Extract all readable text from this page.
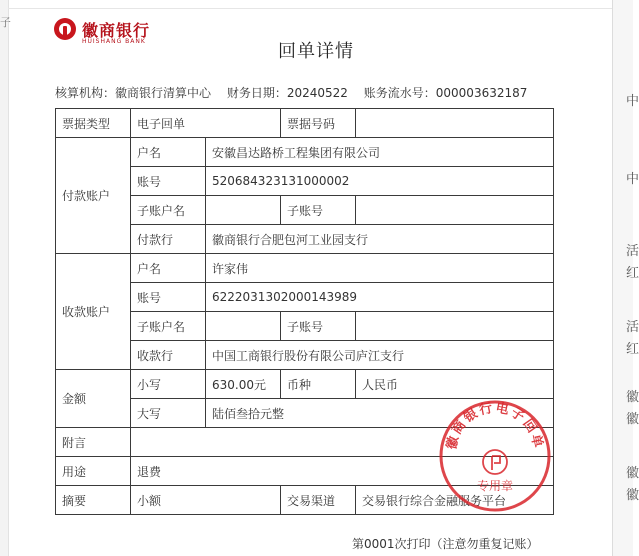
子
中
中
活
红
活
红
徽
徽
徽
徽
徽商银行
HUISHANG BANK	回单详情
核算机构：徽商银行清算中心 财务日期：20240522 账务流水号：000003632187
票据类型	电子回单		票据号码	
付款账户	户名	安徽昌达路桥工程集团有限公司		
	账号	520684323131000002		
	子账户名		子账号	
	付款行	徽商银行合肥包河工业园支行		
收款账户	户名	许家伟		
	账号	6222031302000143989		
	子账户名		子账号	
	收款行	中国工商银行股份有限公司庐江支行		
金额	小写	630.00元	币种	人民币
	大写	陆佰叁拾元整		
附言				
用途	退费			
摘要	小额		交易渠道	交易银行综合金融服务平台
徽商银行电子回单
专用章
第0001次打印（注意勿重复记账）
